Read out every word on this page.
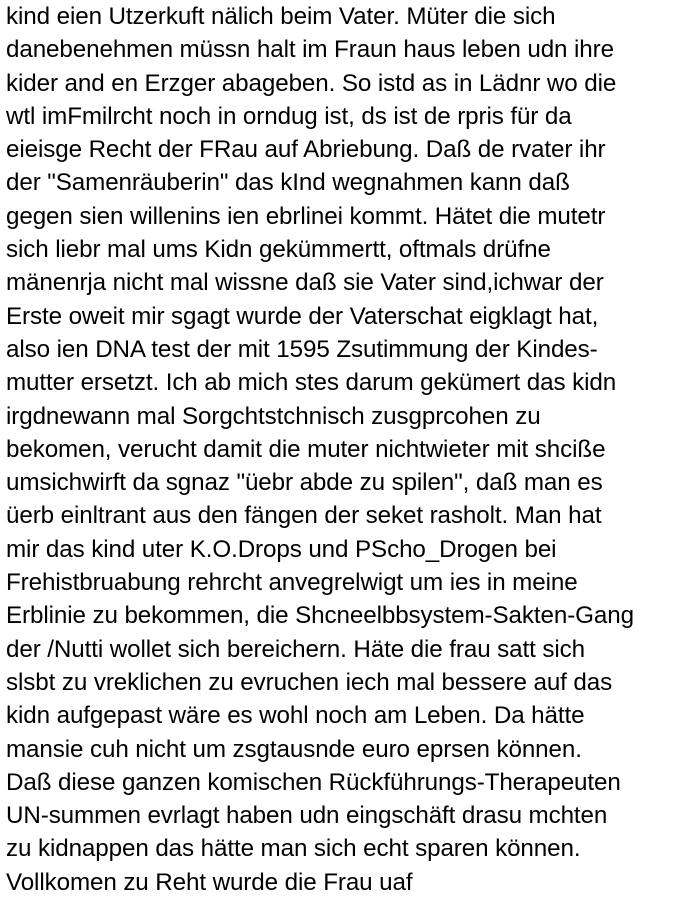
kind eien Utzerkuft nälich beim Vater. Müter die sich
danebenehmen müssn halt im Fraun haus leben udn ihre
kider and en Erzger abageben. So istd as in Lädnr wo die
wtl imFmilrcht noch in orndug ist, ds ist de rpris für da
eieisge Recht der FRau auf Abriebung. Daß de rvater ihr
der "Samenräuberin" das kInd wegnahmen kann daß
gegen sien willenins ien ebrlinei kommt. Hätet die mutetr
sich liebr mal ums Kidn gekümmertt, oftmals drüfne
mänenrja nicht mal wissne daß sie Vater sind,ichwar der
Erste oweit mir sgagt wurde der Vaterschat eigklagt hat,
also ien DNA test der mit 1595 Zsutimmung der Kindes-
mutter ersetzt. Ich ab mich stes darum gekümert das kidn
irgdnewann mal Sorgchtstchnisch zusgprcohen zu
bekomen, verucht damit die muter nichtwieter mit shciße
umsichwirft da sgnaz "üebr abde zu spilen", daß man es
üerb einltrant aus den fängen der seket rasholt. Man hat
mir das kind uter K.O.Drops und PScho_Drogen bei
Frehistbruabung rehrcht anvegrelwigt um ies in meine
Erblinie zu bekommen, die Shcneelbbsystem-Sakten-Gang
der /Nutti wollet sich bereichern. Häte die frau satt sich
slsbt zu vreklichen zu evruchen iech mal bessere auf das
kidn aufgepast wäre es wohl noch am Leben. Da hätte
mansie cuh nicht um zsgtausnde euro eprsen können.
Daß diese ganzen komischen Rückführungs-Therapeuten
UN-summen evrlagt haben udn eingschäft drasu mchten
zu kidnappen das hätte man sich echt sparen können.
Vollkomen zu Reht wurde die Frau uaf
